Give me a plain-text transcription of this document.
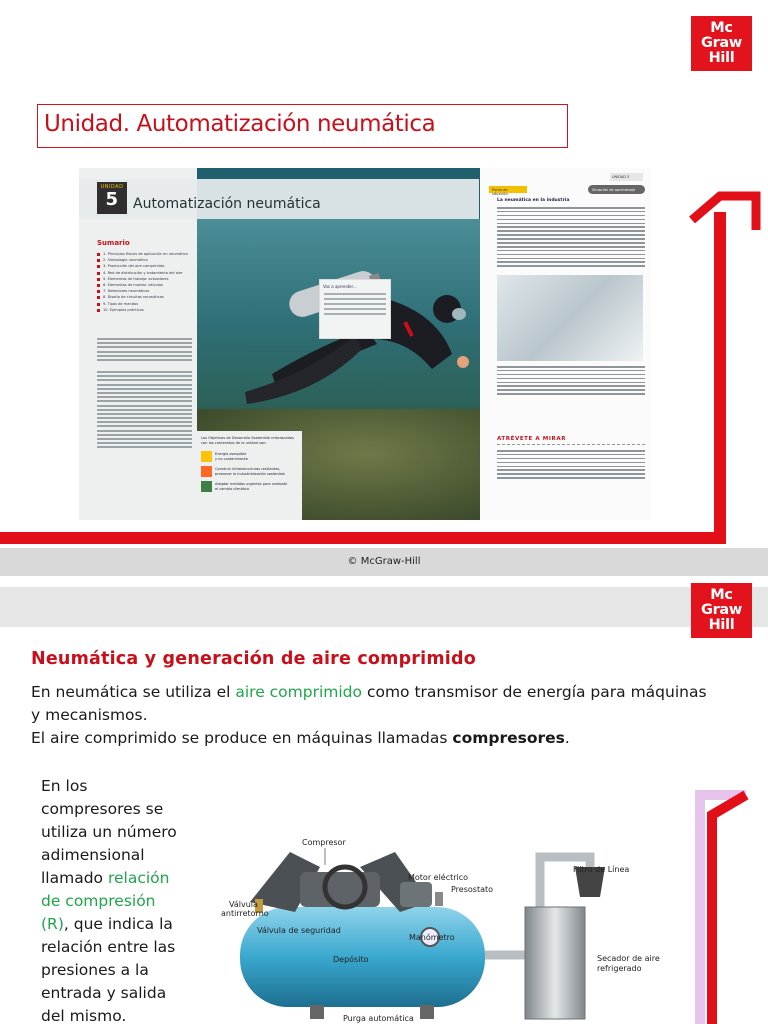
Mc
Graw
Hill
Unidad. Automatización neumática
Vas a aprender...
UNIDAD
5	Automatización neumática
Sumario
1. Principios físicos de aplicación en neumática
2. Simbología neumática
3. Producción del aire comprimido
4. Red de distribución y tratamiento del aire
5. Elementos de trabajo: actuadores
6. Elementos de mando: válvulas
7. Detectores neumáticos
8. Diseño de circuitos neumáticos
9. Tipos de mandos
10. Ejemplos prácticos
Los Objetivos de Desarrollo Sostenible relacionados con los contenidos de la unidad son:
Energía asequible
y no contaminante
Construir infraestructuras resilientes,
promover la industrialización sostenible
Adoptar medidas urgentes para combatir
el cambio climático
UNIDAD 5
Situación de aprendizaje
Punto de situación
La neumática en la industria
ATRÉVETE A MIRAR
© McGraw-Hill
Mc
Graw
Hill
Neumática y generación de aire comprimido
En neumática se utiliza el aire comprimido como transmisor de energía para máquinas
y mecanismos.
El aire comprimido se produce en máquinas llamadas compresores.
En los
compresores se
utiliza un número
adimensional
llamado relación
de compresión
(R), que indica la
relación entre las
presiones a la
entrada y salida
del mismo.
Compresor
Motor eléctrico
Presostato
Válvula
antirretorno
Válvula de seguridad
Manómetro
Depósito
Purga automática
Filtro de Línea
Secador de aire
refrigerado
